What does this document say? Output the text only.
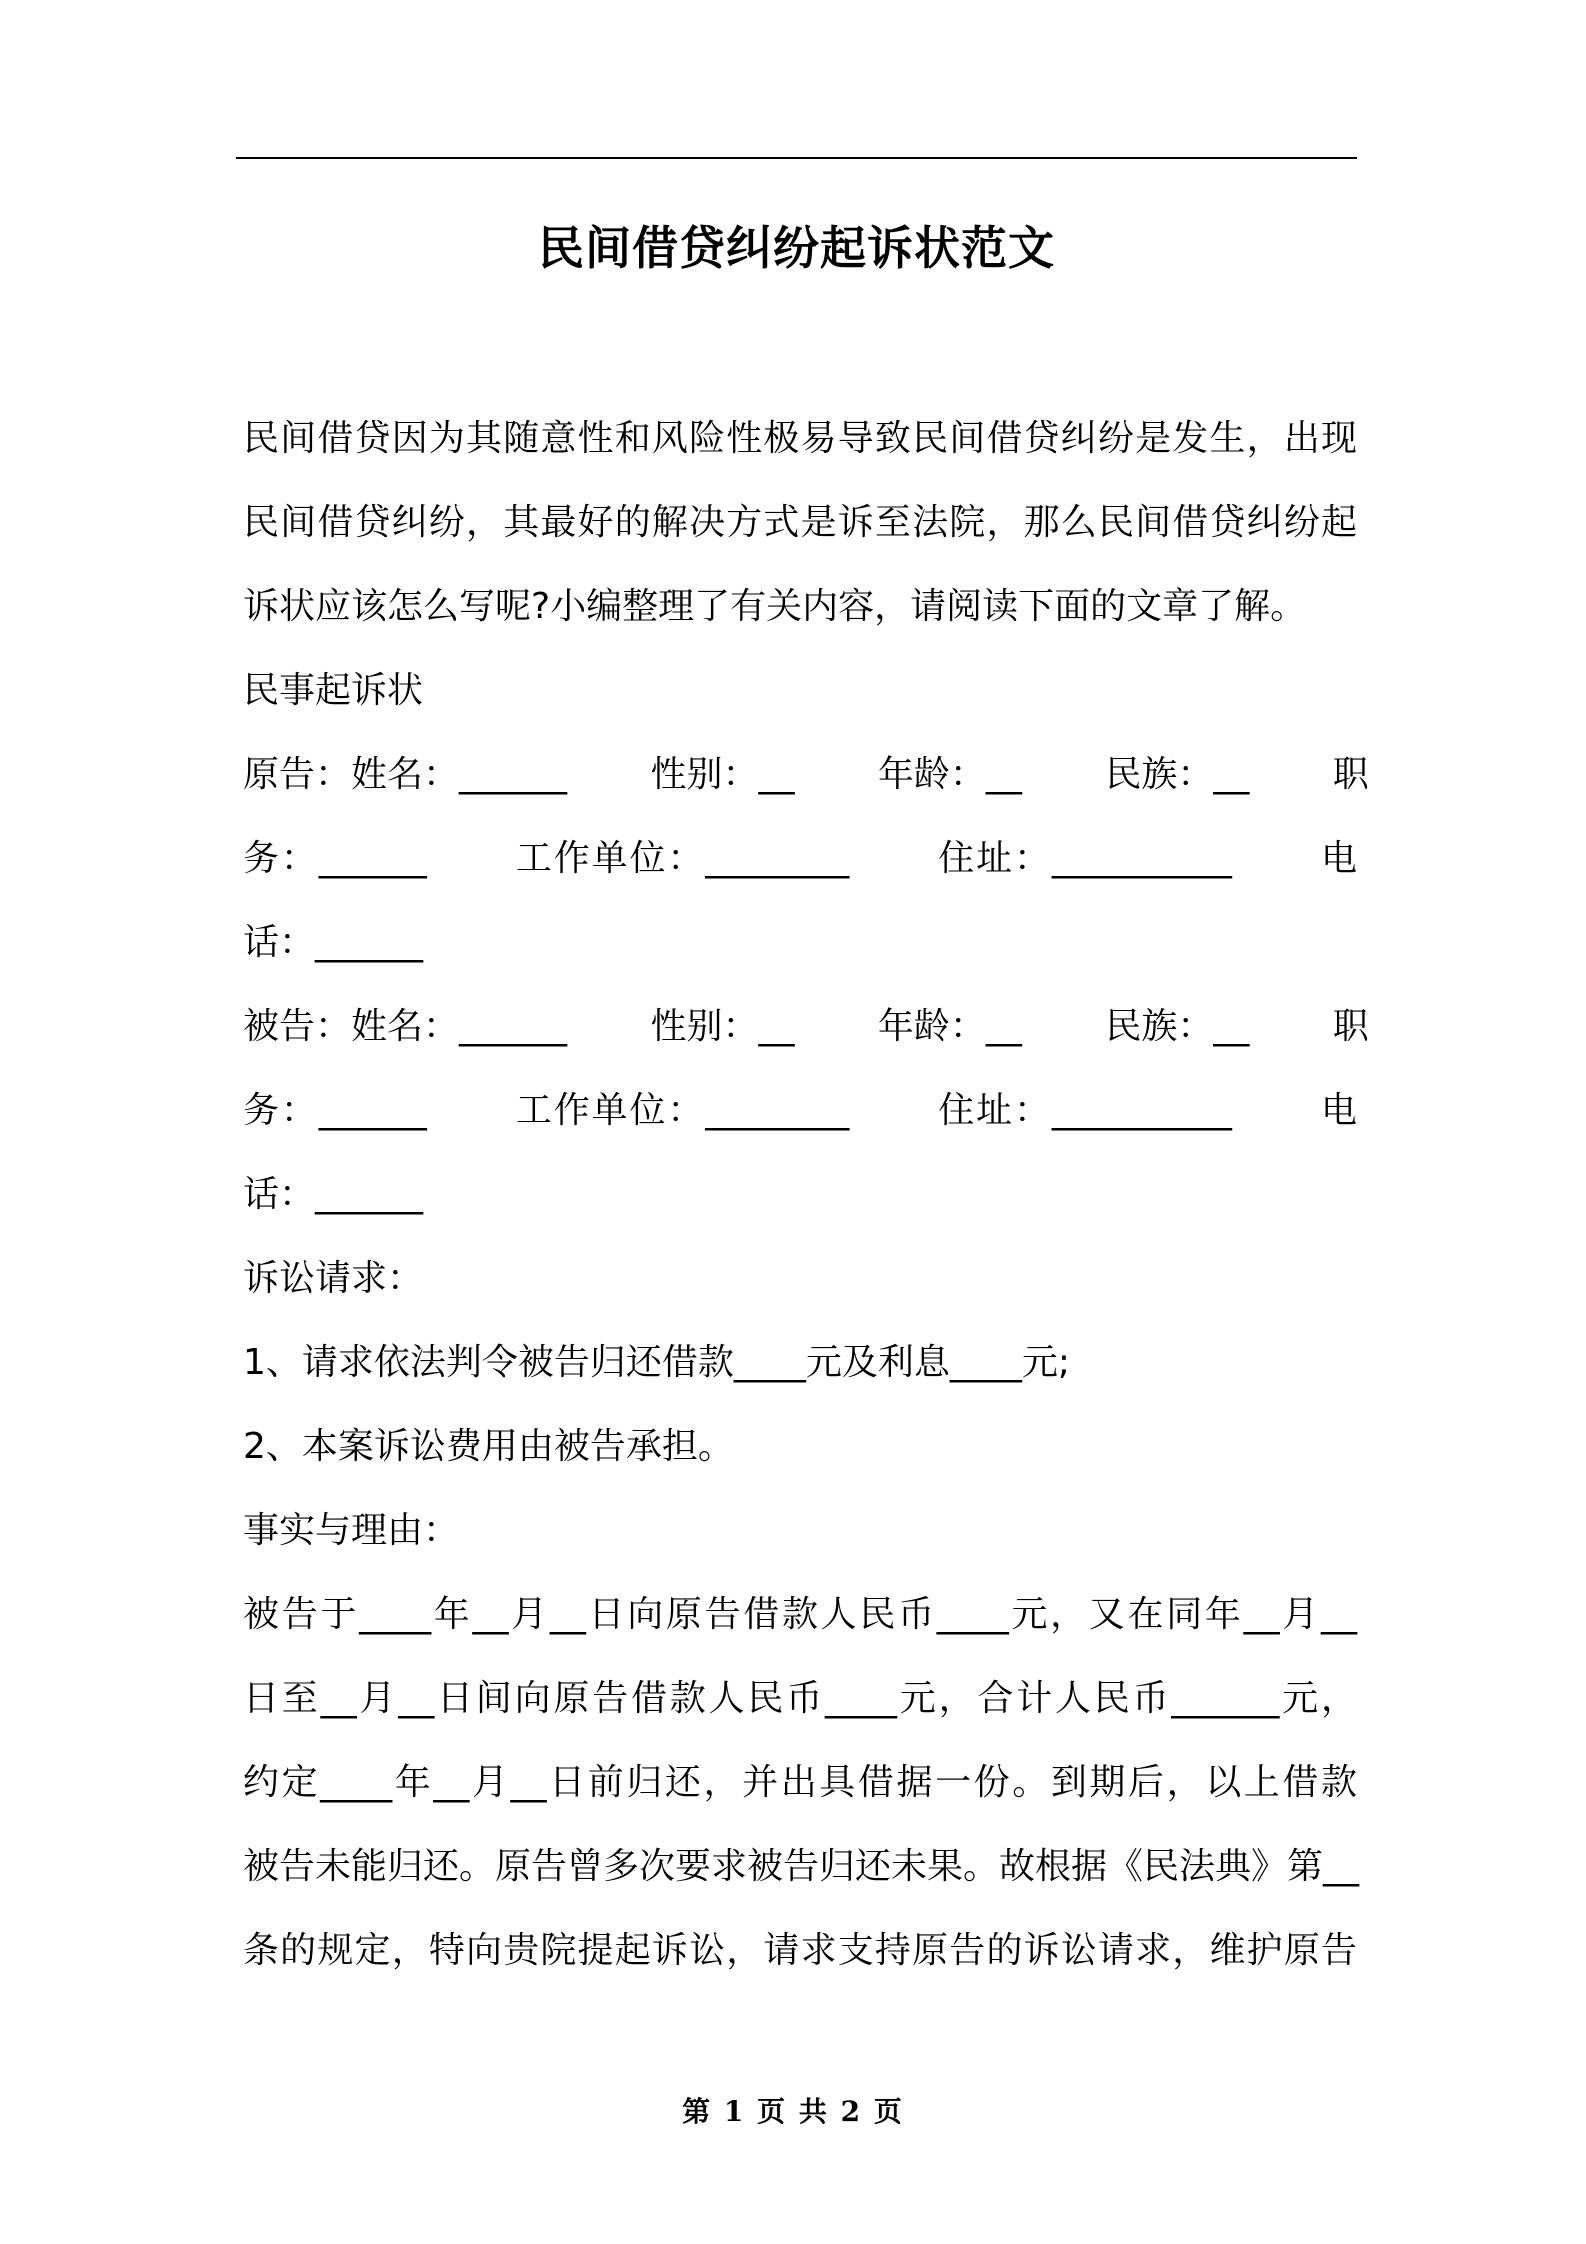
民间借贷纠纷起诉状范文
民间借贷因为其随意性和风险性极易导致民间借贷纠纷是发生，出现
民间借贷纠纷，其最好的解决方式是诉至法院，那么民间借贷纠纷起
诉状应该怎么写呢?小编整理了有关内容，请阅读下面的文章了解。
民事起诉状
原告：姓名：______ 　　性别：__ 　　年龄：__ 　　民族：__ 　　职
务：______ 　　工作单位：________ 　　住址：__________ 　　电
话：______
被告：姓名：______ 　　性别：__ 　　年龄：__ 　　民族：__ 　　职
务：______ 　　工作单位：________ 　　住址：__________ 　　电
话：______
诉讼请求：
1、请求依法判令被告归还借款____元及利息____元;
2、本案诉讼费用由被告承担。
事实与理由：
被告于____年__月__日向原告借款人民币____元，又在同年__月__
日至__月__日间向原告借款人民币____元，合计人民币______元，
约定____年__月__日前归还，并出具借据一份。到期后，以上借款
被告未能归还。原告曾多次要求被告归还未果。故根据《民法典》第__
条的规定，特向贵院提起诉讼，请求支持原告的诉讼请求，维护原告
第 1 页 共 2 页
